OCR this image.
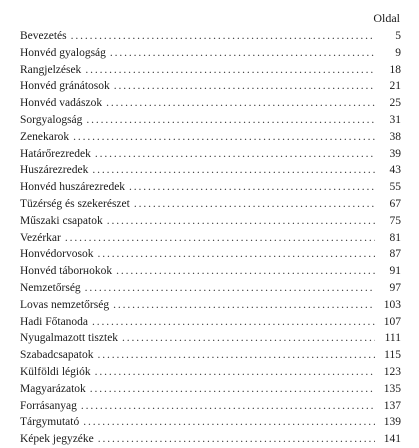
Oldal
Bevezetés . . .	5
Honvéd gyalogság . . .	9
Rangjelzések . . .	18
Honvéd gránátosok . . .	21
Honvéd vadászok . . .	25
Sorgyalogság . . .	31
Zenekarok . . .	38
Határőrezredek . . .	39
Huszárezredek . . .	43
Honvéd huszárezredek . . .	55
Tüzérség és szekerészet . . .	67
Műszaki csapatok . . .	75
Vezérkar . . .	81
Honvédorvosok . . .	87
Honvéd táborнokok . . .	91
Nemzetőrség . . .	97
Lovas nemzetőrség . . .	103
Hadi Főtanoda . . .	107
Nyugalmazott tisztek . . .	111
Szabadcsapatok . . .	115
Külföldi légiók . . .	123
Magyarázatok . . .	135
Forrásanyag . . .	137
Tárgymutató . . .	139
Képek jegyzéke . . .	141
